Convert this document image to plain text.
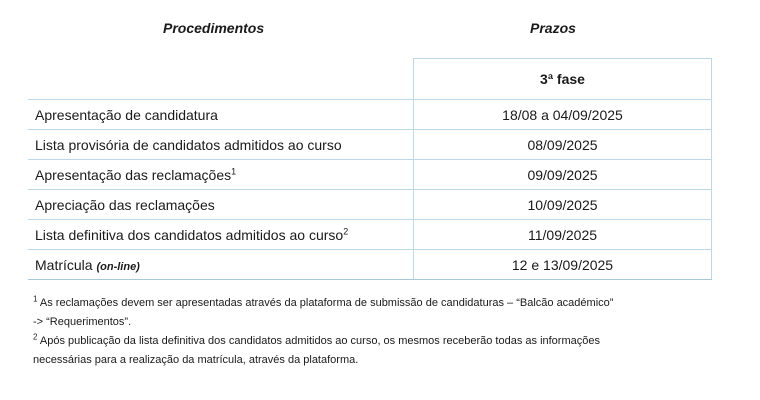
Procedimentos	Prazos
	3ª fase
Apresentação de candidatura	18/08 a 04/09/2025
Lista provisória de candidatos admitidos ao curso	08/09/2025
Apresentação das reclamações$^1$	09/09/2025
Apreciação das reclamações	10/09/2025
Lista definitiva dos candidatos admitidos ao curso$^2$	11/09/2025
Matrícula (on-line)	12 e 13/09/2025

$^1$ As reclamações devem ser apresentadas através da plataforma de submissão de candidaturas – “Balcão académico”

-> “Requerimentos”.

$^2$ Após publicação da lista definitiva dos candidatos admitidos ao curso, os mesmos receberão todas as informações

necessárias para a realização da matrícula, através da plataforma.
